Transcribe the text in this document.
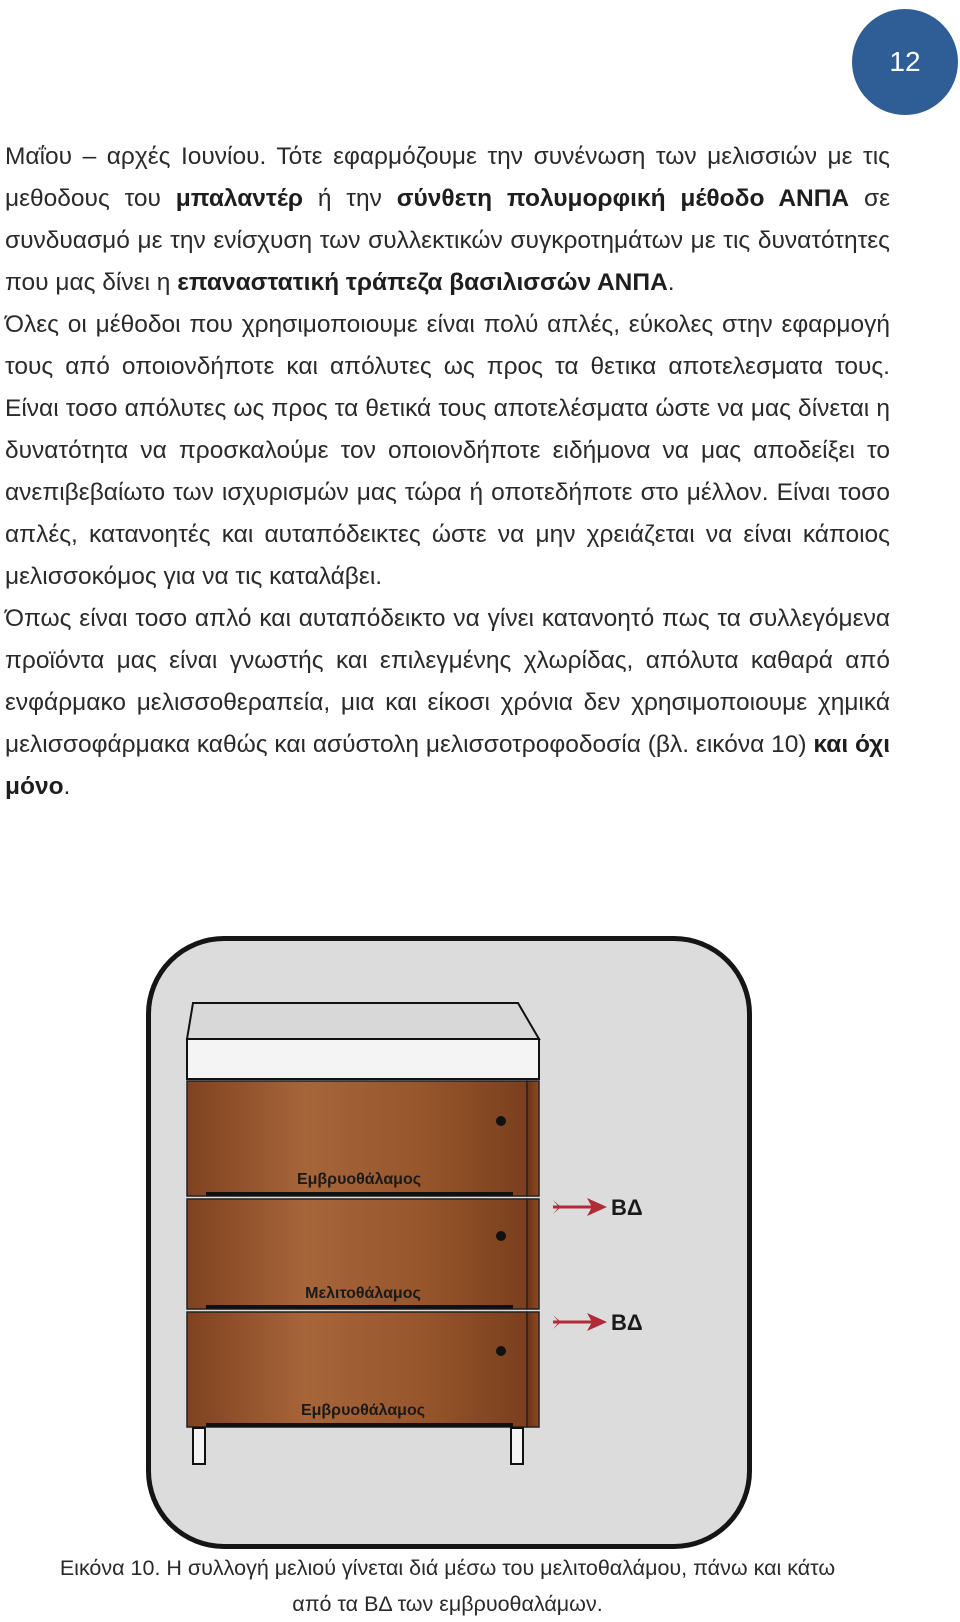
12

Μαΐου – αρχές Ιουνίου. Τότε εφαρμόζουμε την συνένωση των μελισσιών με τις μεθοδους του μπαλαντέρ ή την σύνθετη πολυμορφική μέθοδο ΑΝΠΑ σε συνδυασμό με την ενίσχυση των συλλεκτικών συγκροτημάτων με τις δυνατότητες που μας δίνει η επαναστατική τράπεζα βασιλισσών ΑΝΠΑ.

Όλες οι μέθοδοι που χρησιμοποιουμε είναι πολύ απλές, εύκολες στην εφαρμογή τους από οποιονδήποτε και απόλυτες ως προς τα θετικα αποτελεσματα τους. Είναι τοσο απόλυτες ως προς τα θετικά τους αποτελέσματα ώστε να μας δίνεται η δυνατότητα να προσκαλούμε τον οποιονδήποτε ειδήμονα να μας αποδείξει το ανεπιβεβαίωτο των ισχυρισμών μας τώρα ή οποτεδήποτε στο μέλλον. Είναι τοσο απλές, κατανοητές και αυταπόδεικτες ώστε να μην χρειάζεται να είναι κάποιος μελισσοκόμος για να τις καταλάβει.

Όπως είναι τοσο απλό και αυταπόδεικτο να γίνει κατανοητό πως τα συλλεγόμενα προϊόντα μας είναι γνωστής και επιλεγμένης χλωρίδας, απόλυτα καθαρά από ενφάρμακο μελισσοθεραπεία, μια και είκοσι χρόνια δεν χρησιμοποιουμε χημικά μελισσοφάρμακα καθώς και ασύστολη μελισσοτροφοδοσία (βλ. εικόνα 10) και όχι μόνο.

Εμβρυοθάλαμος
Μελιτοθάλαμος
Εμβρυοθάλαμος
ΒΔ
ΒΔ
Εικόνα 10. Η συλλογή μελιού γίνεται διά μέσω του μελιτοθαλάμου, πάνω και κάτω
από τα ΒΔ των εμβρυοθαλάμων.
